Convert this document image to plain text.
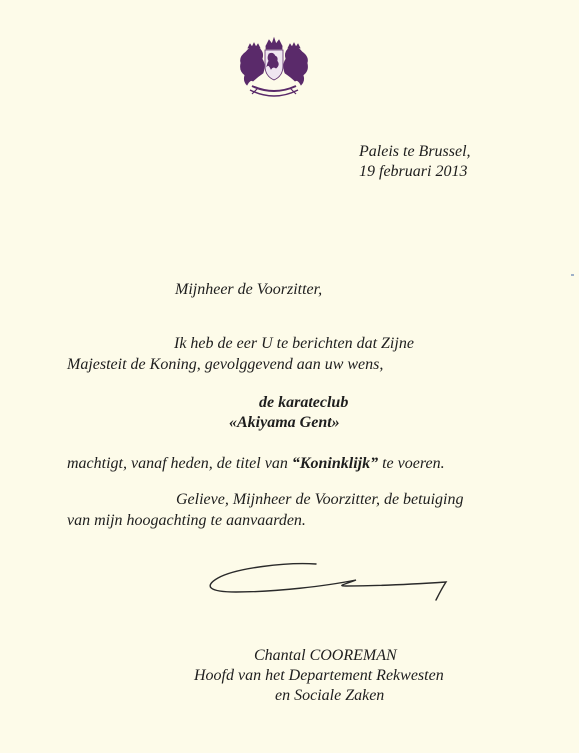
Paleis te Brussel,
19 februari 2013
Mijnheer de Voorzitter,
Ik heb de eer U te berichten dat Zijne
Majesteit de Koning, gevolggevend aan uw wens,
de karateclub
«Akiyama Gent»
machtigt, vanaf heden, de titel van “Koninklijk” te voeren.
Gelieve, Mijnheer de Voorzitter, de betuiging
van mijn hoogachting te aanvaarden.
Chantal COOREMAN
Hoofd van het Departement Rekwesten
en Sociale Zaken
